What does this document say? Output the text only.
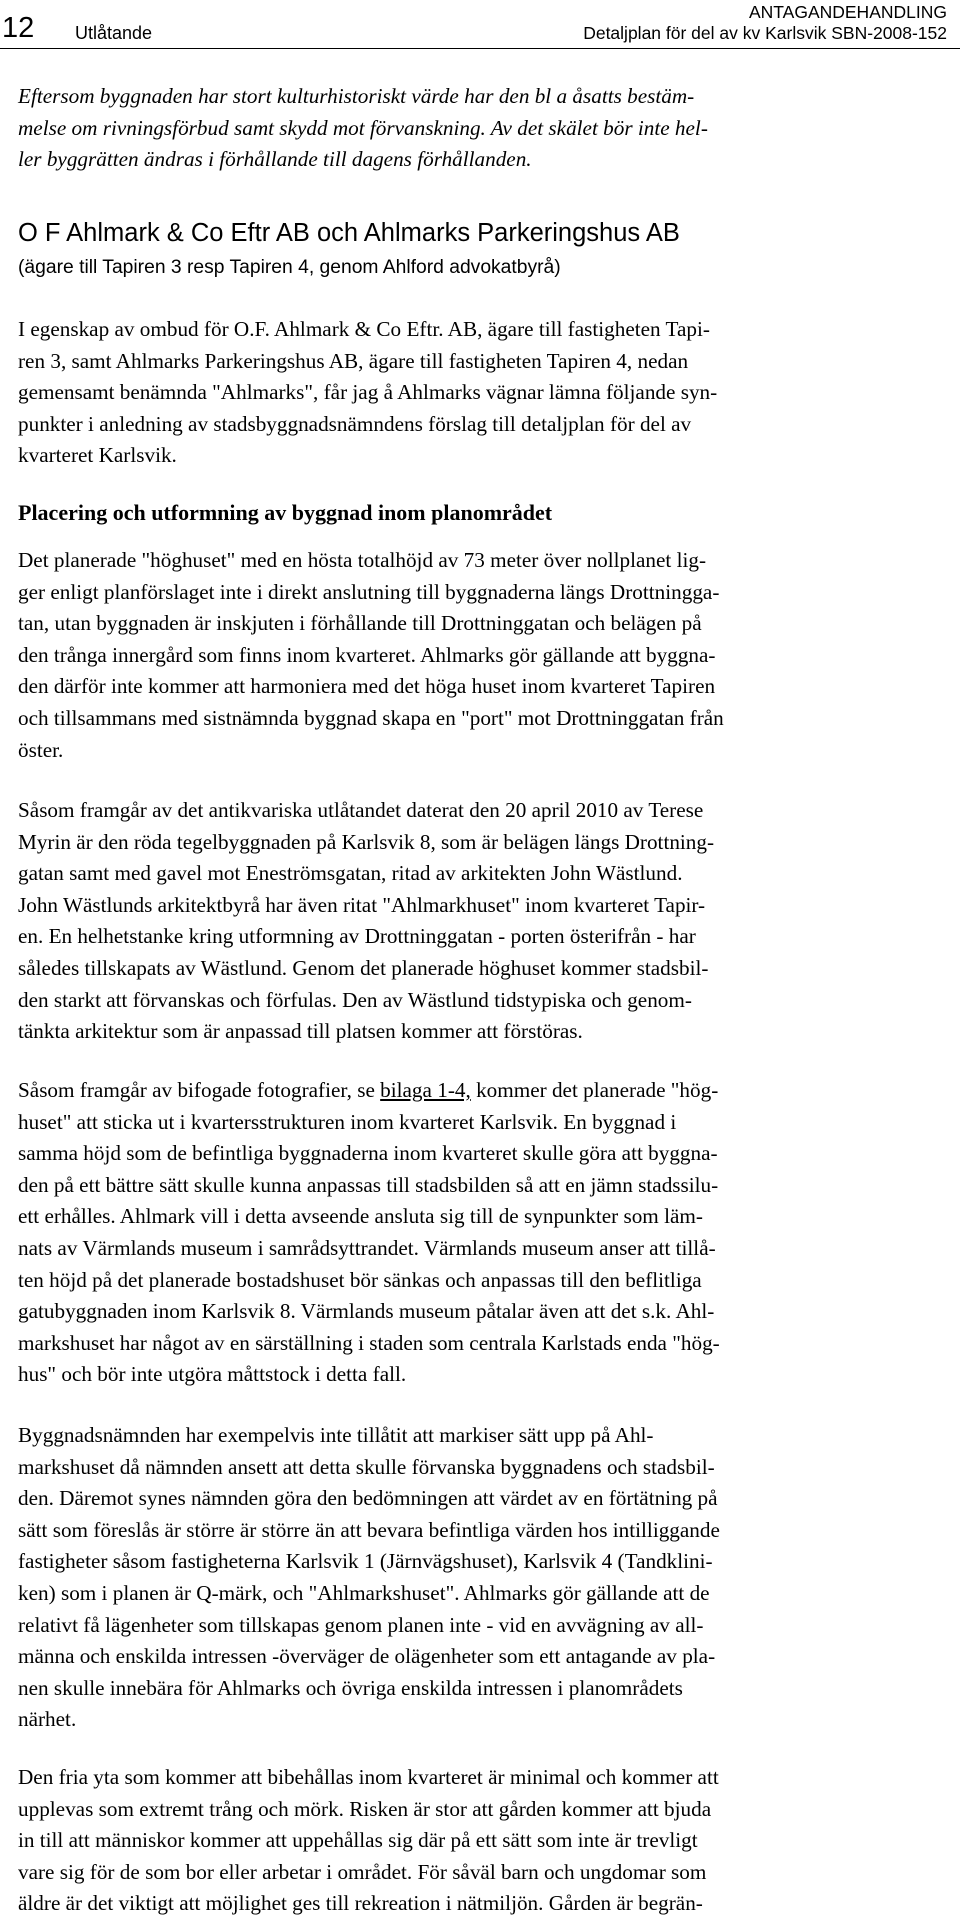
12 Utlåtande
ANTAGANDEHANDLING
Detaljplan för del av kv Karlsvik SBN-2008-152
Eftersom byggnaden har stort kulturhistoriskt värde har den bl a åsatts bestäm-
melse om rivningsförbud samt skydd mot förvanskning. Av det skälet bör inte hel-
ler byggrätten ändras i förhållande till dagens förhållanden.
O F Ahlmark & Co Eftr AB och Ahlmarks Parkeringshus AB
(ägare till Tapiren 3 resp Tapiren 4, genom Ahlford advokatbyrå)
I egenskap av ombud för O.F. Ahlmark & Co Eftr. AB, ägare till fastigheten Tapi-
ren 3, samt Ahlmarks Parkeringshus AB, ägare till fastigheten Tapiren 4, nedan
gemensamt benämnda "Ahlmarks", får jag å Ahlmarks vägnar lämna följande syn-
punkter i anledning av stadsbyggnadsnämndens förslag till detaljplan för del av
kvarteret Karlsvik.
Placering och utformning av byggnad inom planområdet
Det planerade "höghuset" med en hösta totalhöjd av 73 meter över nollplanet lig-
ger enligt planförslaget inte i direkt anslutning till byggnaderna längs Drottningga-
tan, utan byggnaden är inskjuten i förhållande till Drottninggatan och belägen på
den trånga innergård som finns inom kvarteret. Ahlmarks gör gällande att byggna-
den därför inte kommer att harmoniera med det höga huset inom kvarteret Tapiren
och tillsammans med sistnämnda byggnad skapa en "port" mot Drottninggatan från
öster.
Såsom framgår av det antikvariska utlåtandet daterat den 20 april 2010 av Terese
Myrin är den röda tegelbyggnaden på Karlsvik 8, som är belägen längs Drottning-
gatan samt med gavel mot Eneströmsgatan, ritad av arkitekten John Wästlund.
John Wästlunds arkitektbyrå har även ritat "Ahlmarkhuset" inom kvarteret Tapir-
en. En helhetstanke kring utformning av Drottninggatan - porten österifrån - har
således tillskapats av Wästlund. Genom det planerade höghuset kommer stadsbil-
den starkt att förvanskas och förfulas. Den av Wästlund tidstypiska och genom-
tänkta arkitektur som är anpassad till platsen kommer att förstöras.
Såsom framgår av bifogade fotografier, se bilaga 1-4, kommer det planerade "hög-
huset" att sticka ut i kvartersstrukturen inom kvarteret Karlsvik. En byggnad i
samma höjd som de befintliga byggnaderna inom kvarteret skulle göra att byggna-
den på ett bättre sätt skulle kunna anpassas till stadsbilden så att en jämn stadssilu-
ett erhålles. Ahlmark vill i detta avseende ansluta sig till de synpunkter som läm-
nats av Värmlands museum i samrådsyttrandet. Värmlands museum anser att tillå-
ten höjd på det planerade bostadshuset bör sänkas och anpassas till den beflitliga
gatubyggnaden inom Karlsvik 8. Värmlands museum påtalar även att det s.k. Ahl-
markshuset har något av en särställning i staden som centrala Karlstads enda "hög-
hus" och bör inte utgöra måttstock i detta fall.
Byggnadsnämnden har exempelvis inte tillåtit att markiser sätt upp på Ahl-
markshuset då nämnden ansett att detta skulle förvanska byggnadens och stadsbil-
den. Däremot synes nämnden göra den bedömningen att värdet av en förtätning på
sätt som föreslås är större är större än att bevara befintliga värden hos intilliggande
fastigheter såsom fastigheterna Karlsvik 1 (Järnvägshuset), Karlsvik 4 (Tandklini-
ken) som i planen är Q-märk, och "Ahlmarkshuset". Ahlmarks gör gällande att de
relativt få lägenheter som tillskapas genom planen inte - vid en avvägning av all-
männa och enskilda intressen -överväger de olägenheter som ett antagande av pla-
nen skulle innebära för Ahlmarks och övriga enskilda intressen i planområdets
närhet.
Den fria yta som kommer att bibehållas inom kvarteret är minimal och kommer att
upplevas som extremt trång och mörk. Risken är stor att gården kommer att bjuda
in till att människor kommer att uppehållas sig där på ett sätt som inte är trevligt
vare sig för de som bor eller arbetar i området. För såväl barn och ungdomar som
äldre är det viktigt att möjlighet ges till rekreation i nätmiljön. Gården är begrän-
